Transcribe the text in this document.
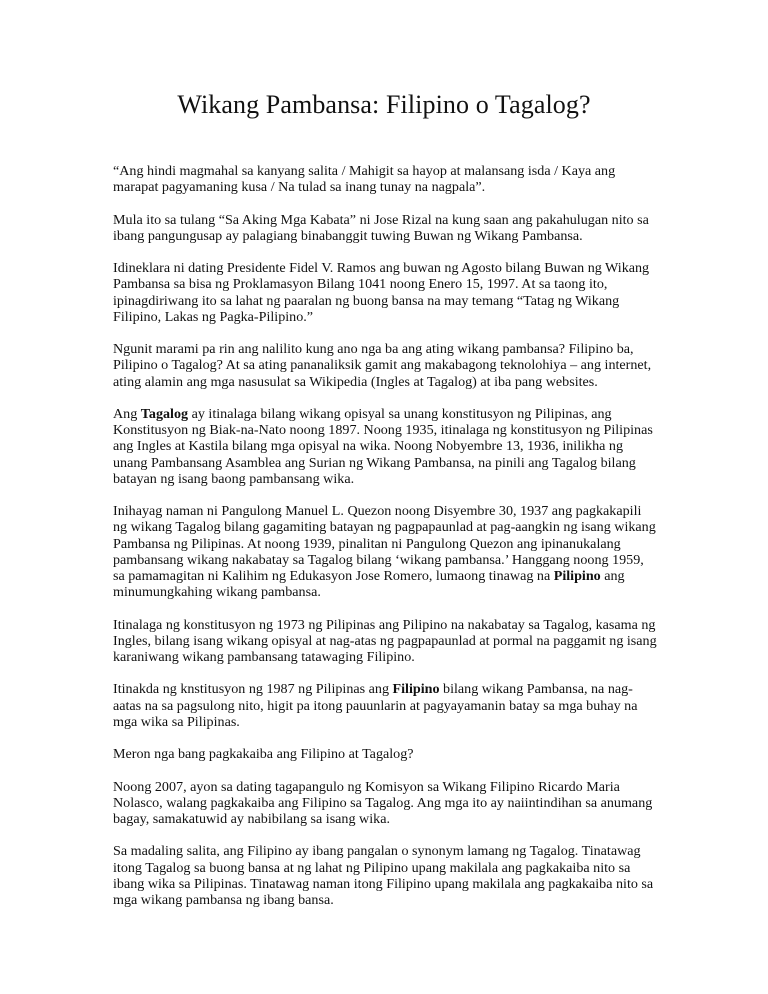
Wikang Pambansa: Filipino o Tagalog?

“Ang hindi magmahal sa kanyang salita / Mahigit sa hayop at malansang isda / Kaya ang marapat pagyamaning kusa / Na tulad sa inang tunay na nagpala”.

Mula ito sa tulang “Sa Aking Mga Kabata” ni Jose Rizal na kung saan ang pakahulugan nito sa ibang pangungusap ay palagiang binabanggit tuwing Buwan ng Wikang Pambansa.

Idineklara ni dating Presidente Fidel V. Ramos ang buwan ng Agosto bilang Buwan ng Wikang Pambansa sa bisa ng Proklamasyon Bilang 1041 noong Enero 15, 1997. At sa taong ito, ipinagdiriwang ito sa lahat ng paaralan ng buong bansa na may temang “Tatag ng Wikang Filipino, Lakas ng Pagka-Pilipino.”

Ngunit marami pa rin ang nalilito kung ano nga ba ang ating wikang pambansa? Filipino ba, Pilipino o Tagalog? At sa ating pananaliksik gamit ang makabagong teknolohiya – ang internet, ating alamin ang mga nasusulat sa Wikipedia (Ingles at Tagalog) at iba pang websites.

Ang Tagalog ay itinalaga bilang wikang opisyal sa unang konstitusyon ng Pilipinas, ang Konstitusyon ng Biak-na-Nato noong 1897. Noong 1935, itinalaga ng konstitusyon ng Pilipinas ang Ingles at Kastila bilang mga opisyal na wika. Noong Nobyembre 13, 1936, inilikha ng unang Pambansang Asamblea ang Surian ng Wikang Pambansa, na pinili ang Tagalog bilang batayan ng isang baong pambansang wika.

Inihayag naman ni Pangulong Manuel L. Quezon noong Disyembre 30, 1937 ang pagkakapili ng wikang Tagalog bilang gagamiting batayan ng pagpapaunlad at pag-aangkin ng isang wikang Pambansa ng Pilipinas. At noong 1939, pinalitan ni Pangulong Quezon ang ipinanukalang pambansang wikang nakabatay sa Tagalog bilang ‘wikang pambansa.’ Hanggang noong 1959, sa pamamagitan ni Kalihim ng Edukasyon Jose Romero, lumaong tinawag na Pilipino ang minumungkahing wikang pambansa.

Itinalaga ng konstitusyon ng 1973 ng Pilipinas ang Pilipino na nakabatay sa Tagalog, kasama ng Ingles, bilang isang wikang opisyal at nag-atas ng pagpapaunlad at pormal na paggamit ng isang karaniwang wikang pambansang tatawaging Filipino.

Itinakda ng knstitusyon ng 1987 ng Pilipinas ang Filipino bilang wikang Pambansa, na nag-aatas na sa pagsulong nito, higit pa itong pauunlarin at pagyayamanin batay sa mga buhay na mga wika sa Pilipinas.

Meron nga bang pagkakaiba ang Filipino at Tagalog?

Noong 2007, ayon sa dating tagapangulo ng Komisyon sa Wikang Filipino Ricardo Maria Nolasco, walang pagkakaiba ang Filipino sa Tagalog. Ang mga ito ay naiintindihan sa anumang bagay, samakatuwid ay nabibilang sa isang wika.

Sa madaling salita, ang Filipino ay ibang pangalan o synonym lamang ng Tagalog. Tinatawag itong Tagalog sa buong bansa at ng lahat ng Pilipino upang makilala ang pagkakaiba nito sa ibang wika sa Pilipinas. Tinatawag naman itong Filipino upang makilala ang pagkakaiba nito sa mga wikang pambansa ng ibang bansa.
